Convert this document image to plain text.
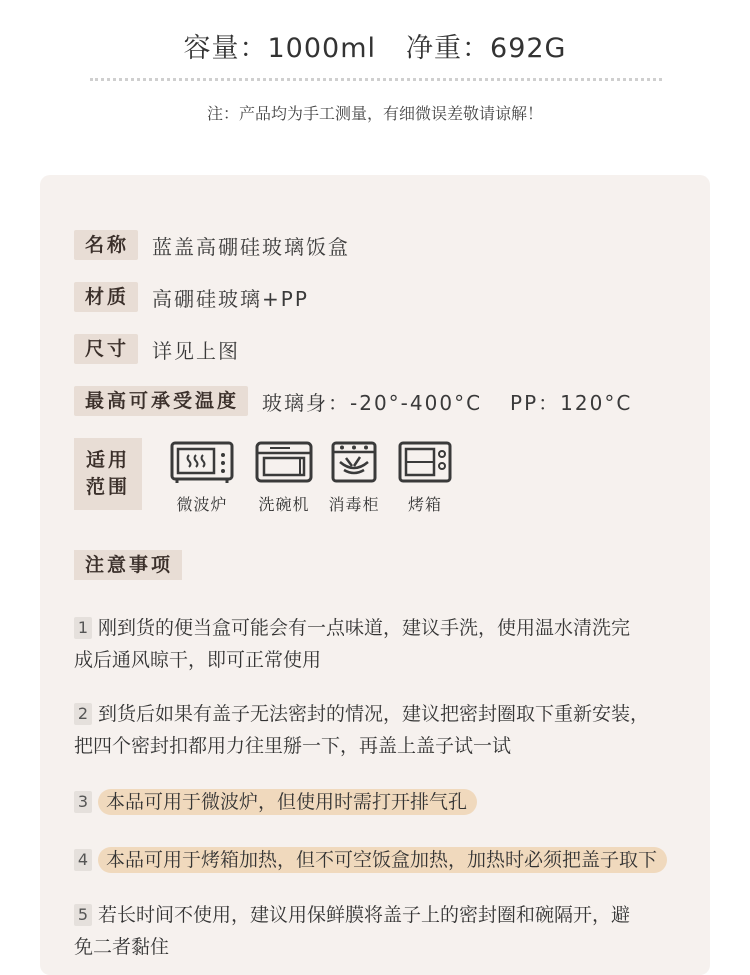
容量：1000ml 净重：692G
注：产品均为手工测量，有细微误差敬请谅解！
名称	蓝盖高硼硅玻璃饭盒
材质	高硼硅玻璃+PP
尺寸	详见上图
最高可承受温度	玻璃身：-20°-400°C PP：120°C
适用
范围
微波炉	洗碗机	消毒柜	烤箱
注意事项
1 刚到货的便当盒可能会有一点味道，建议手洗，使用温水清洗完
成后通风晾干，即可正常使用
2 到货后如果有盖子无法密封的情况，建议把密封圈取下重新安装，
把四个密封扣都用力往里掰一下，再盖上盖子试一试
3 本品可用于微波炉，但使用时需打开排气孔
4 本品可用于烤箱加热，但不可空饭盒加热，加热时必须把盖子取下
5 若长时间不使用，建议用保鲜膜将盖子上的密封圈和碗隔开，避
免二者黏住
